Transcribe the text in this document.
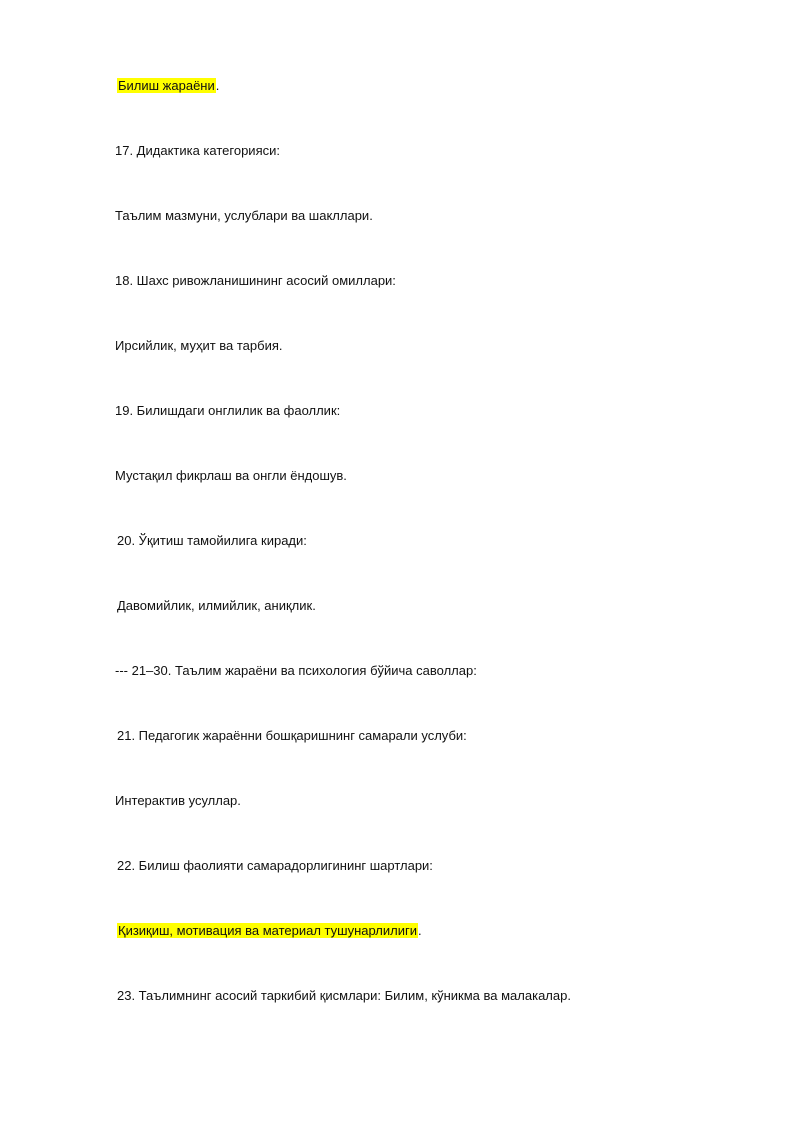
Билиш жараёни.
17. Дидактика категорияси:
Таълим мазмуни, услублари ва шакллари.
18. Шахс ривожланишининг асосий омиллари:
Ирсийлик, муҳит ва тарбия.
19. Билишдаги онглилик ва фаоллик:
Мустақил фикрлаш ва онгли ёндошув.
20. Ўқитиш тамойилига киради:
Давомийлик, илмийлик, аниқлик.
--- 21–30. Таълим жараёни ва психология бўйича саволлар:
21. Педагогик жараённи бошқаришнинг самарали услуби:
Интерактив усуллар.
22. Билиш фаолияти самарадорлигининг шартлари:
Қизиқиш, мотивация ва материал тушунарлилиги.
23. Таълимнинг асосий таркибий қисмлари: Билим, кўникма ва малакалар.
